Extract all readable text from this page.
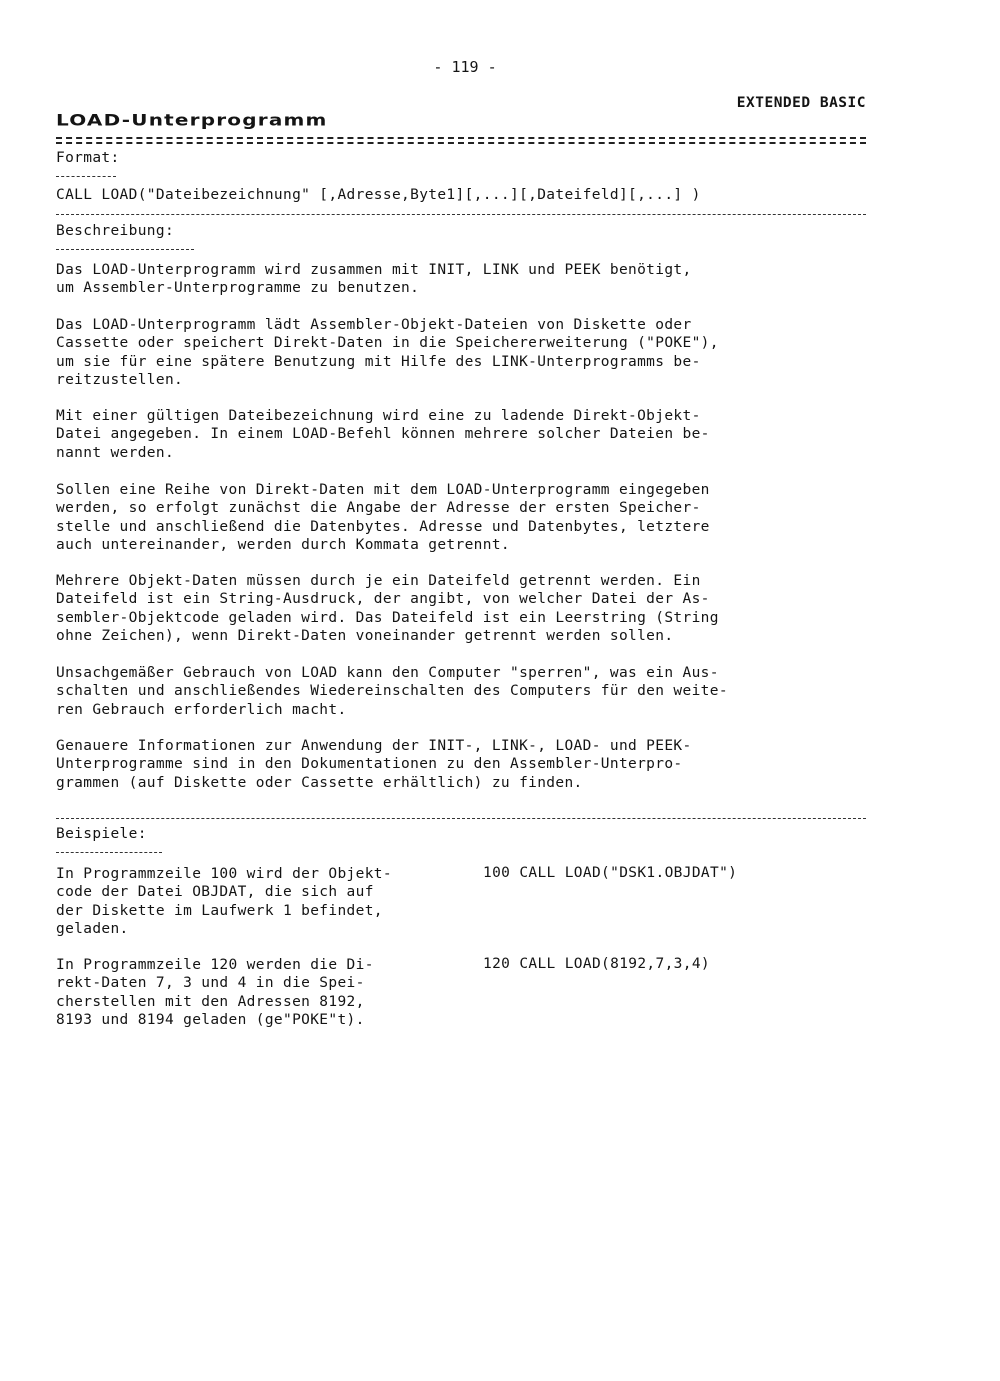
- 119 -
EXTENDED BASIC
LOAD-Unterprogramm
Format:
CALL LOAD("Dateibezeichnung" [,Adresse,Byte1][,...][,Dateifeld][,...] )
Beschreibung:
Das LOAD-Unterprogramm wird zusammen mit INIT, LINK und PEEK benötigt,
um Assembler-Unterprogramme zu benutzen.
Das LOAD-Unterprogramm lädt Assembler-Objekt-Dateien von Diskette oder
Cassette oder speichert Direkt-Daten in die Speichererweiterung ("POKE"),
um sie für eine spätere Benutzung mit Hilfe des LINK-Unterprogramms be-
reitzustellen.
Mit einer gültigen Dateibezeichnung wird eine zu ladende Direkt-Objekt-
Datei angegeben. In einem LOAD-Befehl können mehrere solcher Dateien be-
nannt werden.
Sollen eine Reihe von Direkt-Daten mit dem LOAD-Unterprogramm eingegeben
werden, so erfolgt zunächst die Angabe der Adresse der ersten Speicher-
stelle und anschließend die Datenbytes. Adresse und Datenbytes, letztere
auch untereinander, werden durch Kommata getrennt.
Mehrere Objekt-Daten müssen durch je ein Dateifeld getrennt werden. Ein
Dateifeld ist ein String-Ausdruck, der angibt, von welcher Datei der As-
sembler-Objektcode geladen wird. Das Dateifeld ist ein Leerstring (String
ohne Zeichen), wenn Direkt-Daten voneinander getrennt werden sollen.
Unsachgemäßer Gebrauch von LOAD kann den Computer "sperren", was ein Aus-
schalten und anschließendes Wiedereinschalten des Computers für den weite-
ren Gebrauch erforderlich macht.
Genauere Informationen zur Anwendung der INIT-, LINK-, LOAD- und PEEK-
Unterprogramme sind in den Dokumentationen zu den Assembler-Unterpro-
grammen (auf Diskette oder Cassette erhältlich) zu finden.
Beispiele:
In Programmzeile 100 wird der Objekt-
code der Datei OBJDAT, die sich auf
der Diskette im Laufwerk 1 befindet,
geladen.
100 CALL LOAD("DSK1.OBJDAT")
In Programmzeile 120 werden die Di-
rekt-Daten 7, 3 und 4 in die Spei-
cherstellen mit den Adressen 8192,
8193 und 8194 geladen (ge"POKE"t).
120 CALL LOAD(8192,7,3,4)
